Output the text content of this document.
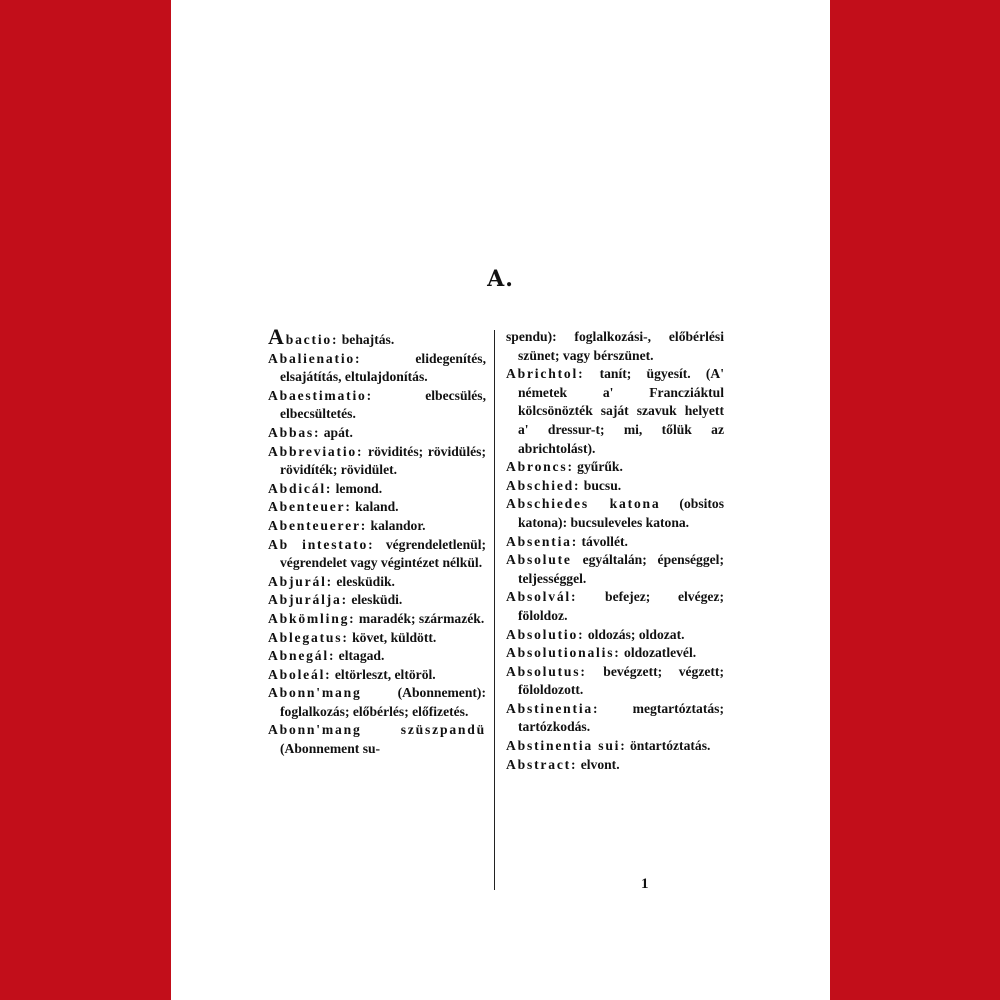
A.

Abactio: behajtás.

Abalienatio: elidegenítés, elsajátítás, eltulajdonítás.

Abaestimatio: elbecsülés, elbecsültetés.

Abbas: apát.

Abbreviatio: rövidités; rövidülés; rövidíték; rövidület.

Abdicál: lemond.

Abenteuer: kaland.

Abenteuerer: kalandor.

Ab intestato: végrendeletlenül; végrendelet vagy végintézet nélkül.

Abjurál: elesküdik.

Abjurálja: elesküdi.

Abkömling: maradék; származék.

Ablegatus: követ, küldött.

Abnegál: eltagad.

Aboleál: eltörleszt, eltöröl.

Abonn'mang (Abonnement): foglalkozás; előbérlés; előfizetés.

Abonn'mang szüszpandü (Abonnement su-

spendu): foglalkozási-, előbérlési szünet; vagy bérszünet.

Abrichtol: tanít; ügyesít. (A' németek a' Francziáktul kölcsönözték saját szavuk helyett a' dressur-t; mi, tőlük az abrichtolást).

Abroncs: gyűrűk.

Abschied: bucsu.

Abschiedes katona (obsitos katona): bucsuleveles katona.

Absentia: távollét.

Absolute egyáltalán; épenséggel; teljességgel.

Absolvál: befejez; elvégez; föloldoz.

Absolutio: oldozás; oldozat.

Absolutionalis: oldozatlevél.

Absolutus: bevégzett; végzett; föloldozott.

Abstinentia: megtartóztatás; tartózkodás.

Abstinentia sui: öntartóztatás.

Abstract: elvont.

1
